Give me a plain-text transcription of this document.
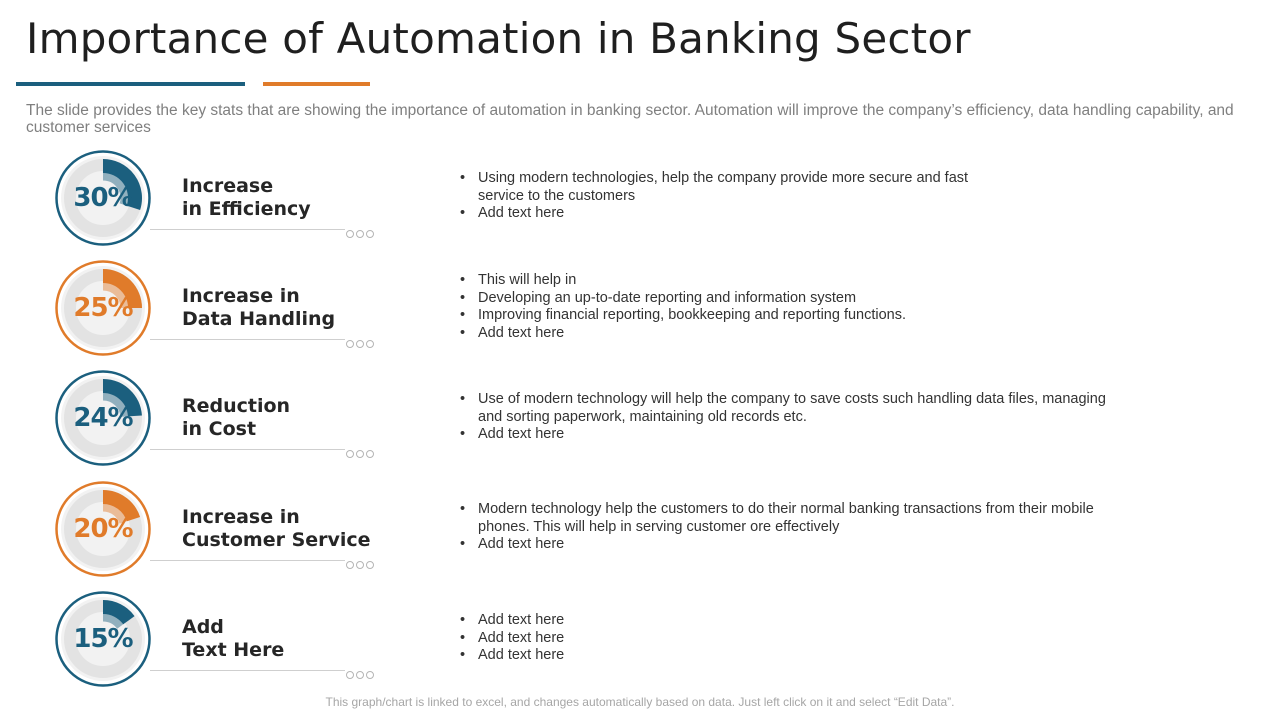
Importance of Automation in Banking Sector

The slide provides the key stats that are showing the importance of automation in banking sector. Automation will improve the company’s efficiency, data handling capability, and customer services

30%	Increase
in Efficiency
• Using modern technologies, help the company provide more secure and fast service to the customers
• Add text here
25%	Increase in
Data Handling
• This will help in
• Developing an up-to-date reporting and information system
• Improving financial reporting, bookkeeping and reporting functions.
• Add text here
24%	Reduction
in Cost
• Use of modern technology will help the company to save costs such handling data files, managing and sorting paperwork, maintaining old records etc.
• Add text here
20%	Increase in
Customer Service
• Modern technology help the customers to do their normal banking transactions from their mobile phones. This will help in serving customer ore effectively
• Add text here
15%	Add
Text Here
• Add text here
• Add text here
• Add text here
This graph/chart is linked to excel, and changes automatically based on data. Just left click on it and select “Edit Data”.
